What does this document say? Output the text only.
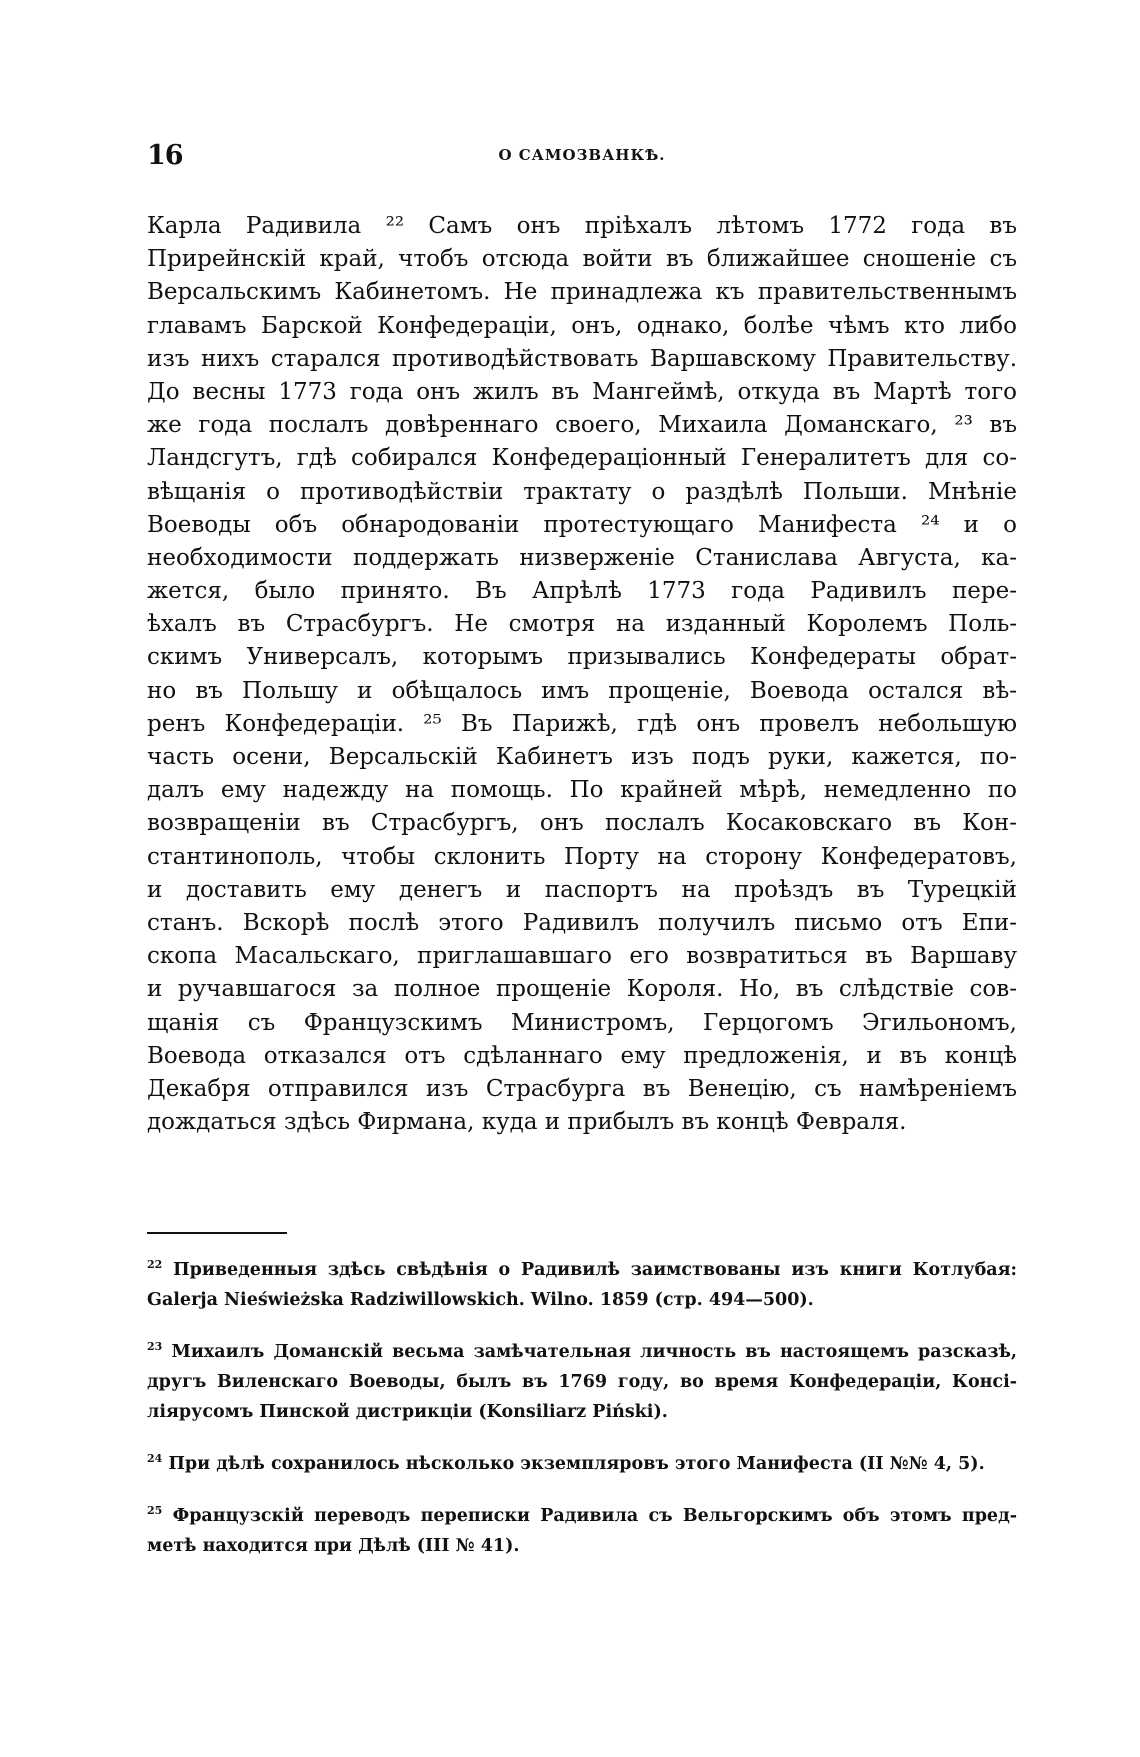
16	О САМОЗВАНКѢ.
Карла Радивила ²² Самъ онъ прiѣхалъ лѣтомъ 1772 года въ
Прирейнскiй край, чтобъ отсюда войти въ ближайшее сношенiе съ
Версальскимъ Кабинетомъ. Не принадлежа къ правительственнымъ
главамъ Барской Конфедерацiи, онъ, однако, болѣе чѣмъ кто либо
изъ нихъ старался противодѣйствовать Варшавскому Правительству.
До весны 1773 года онъ жилъ въ Мангеймѣ, откуда въ Мартѣ того
же года послалъ довѣреннаго своего, Михаила Доманскаго, ²³ въ
Ландсгутъ, гдѣ собирался Конфедерацiонный Генералитетъ для со-
вѣщанiя о противодѣйствiи трактату о раздѣлѣ Польши. Мнѣнiе
Воеводы объ обнародованiи протестующаго Манифеста ²⁴ и о
необходимости поддержать низверженiе Станислава Августа, ка-
жется, было принято. Въ Апрѣлѣ 1773 года Радивилъ пере-
ѣхалъ въ Страсбургъ. Не смотря на изданный Королемъ Поль-
скимъ Универсалъ, которымъ призывались Конфедераты обрат-
но въ Польшу и обѣщалось имъ прощенiе, Воевода остался вѣ-
ренъ Конфедерацiи. ²⁵ Въ Парижѣ, гдѣ онъ провелъ небольшую
часть осени, Версальскiй Кабинетъ изъ подъ руки, кажется, по-
далъ ему надежду на помощь. По крайней мѣрѣ, немедленно по
возвращенiи въ Страсбургъ, онъ послалъ Косаковскаго въ Кон-
стантинополь, чтобы склонить Порту на сторону Конфедератовъ,
и доставить ему денегъ и паспортъ на проѣздъ въ Турецкiй
станъ. Вскорѣ послѣ этого Радивилъ получилъ письмо отъ Епи-
скопа Масальскаго, приглашавшаго его возвратиться въ Варшаву
и ручавшагося за полное прощенiе Короля. Но, въ слѣдствiе сов-
щанiя съ Французскимъ Министромъ, Герцогомъ Эгильономъ,
Воевода отказался отъ сдѣланнаго ему предложенiя, и въ концѣ
Декабря отправился изъ Страсбурга въ Венецiю, съ намѣренiемъ
дождаться здѣсь Фирмана, куда и прибылъ въ концѣ Февраля.
$^{22}$ Приведенныя здѣсь свѣдѣнiя о Радивилѣ заимствованы изъ книги Котлубая:
Galerja Nieświeżska Radziwillowskich. Wilno. 1859 (стр. 494—500).
$^{23}$ Михаилъ Доманскiй весьма замѣчательная личность въ настоящемъ разсказѣ,
другъ Виленскаго Воеводы, былъ въ 1769 году, во время Конфедерацiи, Консi-
лiярусомъ Пинской дистрикцiи (Konsiliarz Piński).
$^{24}$ При дѣлѣ сохранилось нѣсколько экземпляровъ этого Манифеста (II №№ 4, 5).
$^{25}$ Французскiй переводъ переписки Радивила съ Вельгорскимъ объ этомъ пред-
метѣ находится при Дѣлѣ (III № 41).
